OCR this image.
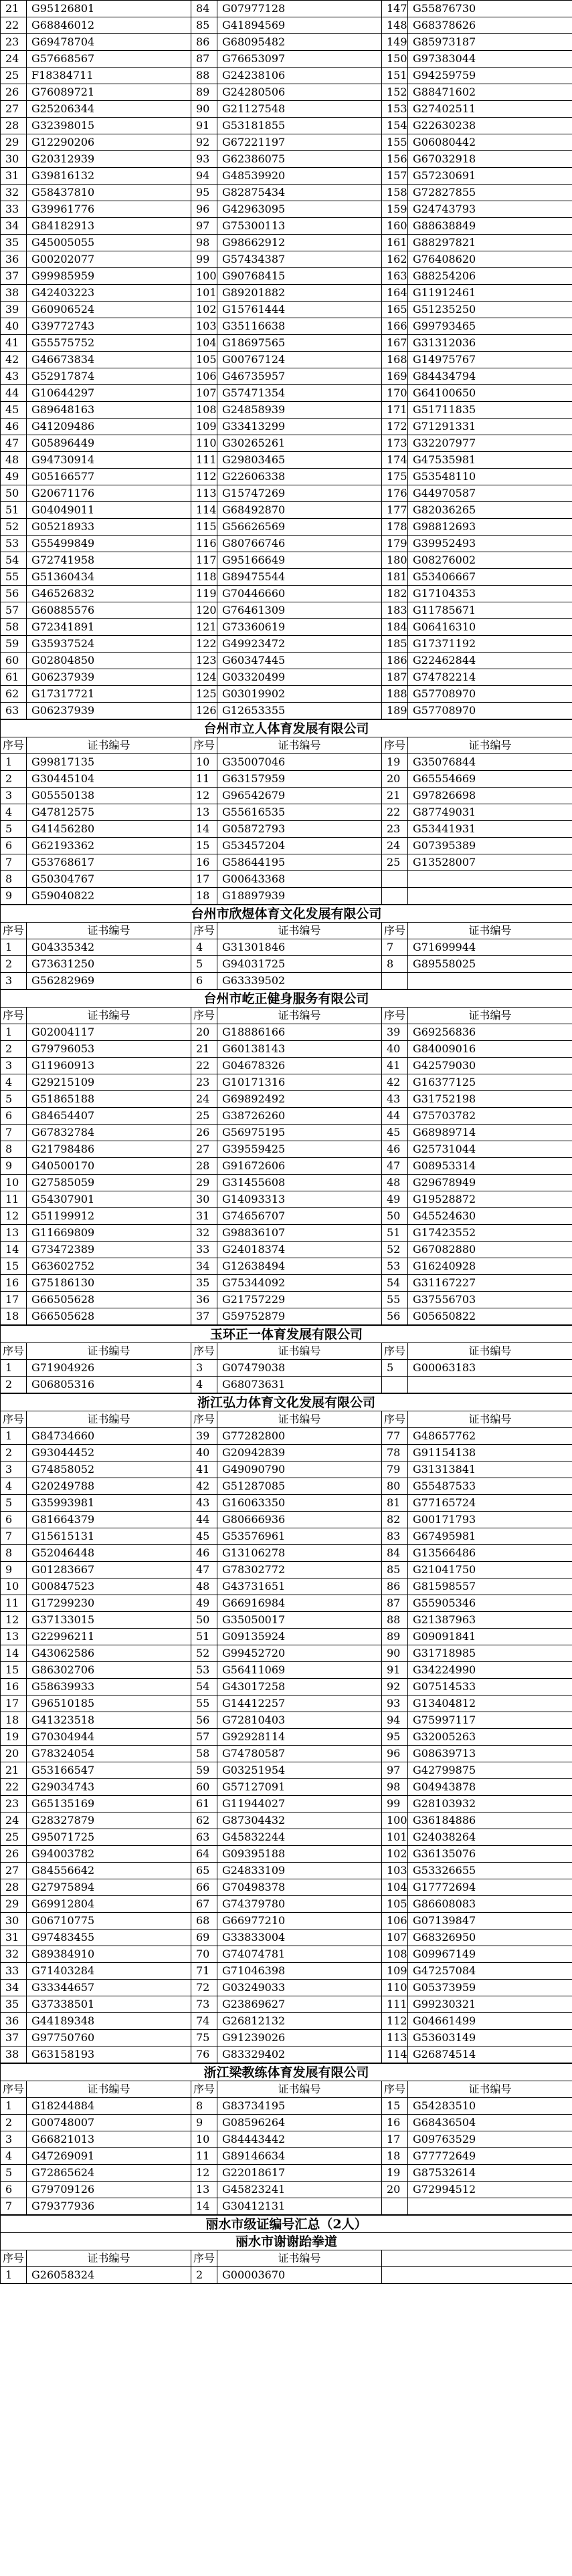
21	G95126801	84	G07977128	147	G55876730
22	G68846012	85	G41894569	148	G68378626
23	G69478704	86	G68095482	149	G85973187
24	G57668567	87	G76653097	150	G97383044
25	F18384711	88	G24238106	151	G94259759
26	G76089721	89	G24280506	152	G88471602
27	G25206344	90	G21127548	153	G27402511
28	G32398015	91	G53181855	154	G22630238
29	G12290206	92	G67221197	155	G06080442
30	G20312939	93	G62386075	156	G67032918
31	G39816132	94	G48539920	157	G57230691
32	G58437810	95	G82875434	158	G72827855
33	G39961776	96	G42963095	159	G24743793
34	G84182913	97	G75300113	160	G88638849
35	G45005055	98	G98662912	161	G88297821
36	G00202077	99	G57434387	162	G76408620
37	G99985959	100	G90768415	163	G88254206
38	G42403223	101	G89201882	164	G11912461
39	G60906524	102	G15761444	165	G51235250
40	G39772743	103	G35116638	166	G99793465
41	G55575752	104	G18697565	167	G31312036
42	G46673834	105	G00767124	168	G14975767
43	G52917874	106	G46735957	169	G84434794
44	G10644297	107	G57471354	170	G64100650
45	G89648163	108	G24858939	171	G51711835
46	G41209486	109	G33413299	172	G71291331
47	G05896449	110	G30265261	173	G32207977
48	G94730914	111	G29803465	174	G47535981
49	G05166577	112	G22606338	175	G53548110
50	G20671176	113	G15747269	176	G44970587
51	G04049011	114	G68492870	177	G82036265
52	G05218933	115	G56626569	178	G98812693
53	G55499849	116	G80766746	179	G39952493
54	G72741958	117	G95166649	180	G08276002
55	G51360434	118	G89475544	181	G53406667
56	G46526832	119	G70446660	182	G17104353
57	G60885576	120	G76461309	183	G11785671
58	G72341891	121	G73360619	184	G06416310
59	G35937524	122	G49923472	185	G17371192
60	G02804850	123	G60347445	186	G22462844
61	G06237939	124	G03320499	187	G74782214
62	G17317721	125	G03019902	188	G57708970
63	G06237939	126	G12653355	189	G57708970
台州市立人体育发展有限公司					
序号	证书编号	序号	证书编号	序号	证书编号
1	G99817135	10	G35007046	19	G35076844
2	G30445104	11	G63157959	20	G65554669
3	G05550138	12	G96542679	21	G97826698
4	G47812575	13	G55616535	22	G87749031
5	G41456280	14	G05872793	23	G53441931
6	G62193362	15	G53457204	24	G07395389
7	G53768617	16	G58644195	25	G13528007
8	G50304767	17	G00643368		
9	G59040822	18	G18897939		
台州市欣煜体育文化发展有限公司					
序号	证书编号	序号	证书编号	序号	证书编号
1	G04335342	4	G31301846	7	G71699944
2	G73631250	5	G94031725	8	G89558025
3	G56282969	6	G63339502		
台州市屹正健身服务有限公司					
序号	证书编号	序号	证书编号	序号	证书编号
1	G02004117	20	G18886166	39	G69256836
2	G79796053	21	G60138143	40	G84009016
3	G11960913	22	G04678326	41	G42579030
4	G29215109	23	G10171316	42	G16377125
5	G51865188	24	G69892492	43	G31752198
6	G84654407	25	G38726260	44	G75703782
7	G67832784	26	G56975195	45	G68989714
8	G21798486	27	G39559425	46	G25731044
9	G40500170	28	G91672606	47	G08953314
10	G27585059	29	G31455608	48	G29678949
11	G54307901	30	G14093313	49	G19528872
12	G51199912	31	G74656707	50	G45524630
13	G11669809	32	G98836107	51	G17423552
14	G73472389	33	G24018374	52	G67082880
15	G63602752	34	G12638494	53	G16240928
16	G75186130	35	G75344092	54	G31167227
17	G66505628	36	G21757229	55	G37556703
18	G66505628	37	G59752879	56	G05650822
玉环正一体育发展有限公司					
序号	证书编号	序号	证书编号	序号	证书编号
1	G71904926	3	G07479038	5	G00063183
2	G06805316	4	G68073631		
浙江弘力体育文化发展有限公司					
序号	证书编号	序号	证书编号	序号	证书编号
1	G84734660	39	G77282800	77	G48657762
2	G93044452	40	G20942839	78	G91154138
3	G74858052	41	G49090790	79	G31313841
4	G20249788	42	G51287085	80	G55487533
5	G35993981	43	G16063350	81	G77165724
6	G81664379	44	G80666936	82	G00171793
7	G15615131	45	G53576961	83	G67495981
8	G52046448	46	G13106278	84	G13566486
9	G01283667	47	G78302772	85	G21041750
10	G00847523	48	G43731651	86	G81598557
11	G17299230	49	G66916984	87	G55905346
12	G37133015	50	G35050017	88	G21387963
13	G22996211	51	G09135924	89	G09091841
14	G43062586	52	G99452720	90	G31718985
15	G86302706	53	G56411069	91	G34224990
16	G58639933	54	G43017258	92	G07514533
17	G96510185	55	G14412257	93	G13404812
18	G41323518	56	G72810403	94	G75997117
19	G70304944	57	G92928114	95	G32005263
20	G78324054	58	G74780587	96	G08639713
21	G53166547	59	G03251954	97	G42799875
22	G29034743	60	G57127091	98	G04943878
23	G65135169	61	G11944027	99	G28103932
24	G28327879	62	G87304432	100	G36184886
25	G95071725	63	G45832244	101	G24038264
26	G94003782	64	G09395188	102	G36135076
27	G84556642	65	G24833109	103	G53326655
28	G27975894	66	G70498378	104	G17772694
29	G69912804	67	G74379780	105	G86608083
30	G06710775	68	G66977210	106	G07139847
31	G97483455	69	G33833004	107	G68326950
32	G89384910	70	G74074781	108	G09967149
33	G71403284	71	G71046398	109	G47257084
34	G33344657	72	G03249033	110	G05373959
35	G37338501	73	G23869627	111	G99230321
36	G44189348	74	G26812132	112	G04661499
37	G97750760	75	G91239026	113	G53603149
38	G63158193	76	G83329402	114	G26874514
浙江梁教练体育发展有限公司					
序号	证书编号	序号	证书编号	序号	证书编号
1	G18244884	8	G83734195	15	G54283510
2	G00748007	9	G08596264	16	G68436504
3	G66821013	10	G84443442	17	G09763529
4	G47269091	11	G89146634	18	G77772649
5	G72865624	12	G22018617	19	G87532614
6	G79709126	13	G45823241	20	G72994512
7	G79377936	14	G30412131		
丽水市级证编号汇总（2人）				
丽水市谢谢跆拳道				
序号	证书编号	序号	证书编号	
1	G26058324	2	G00003670	
